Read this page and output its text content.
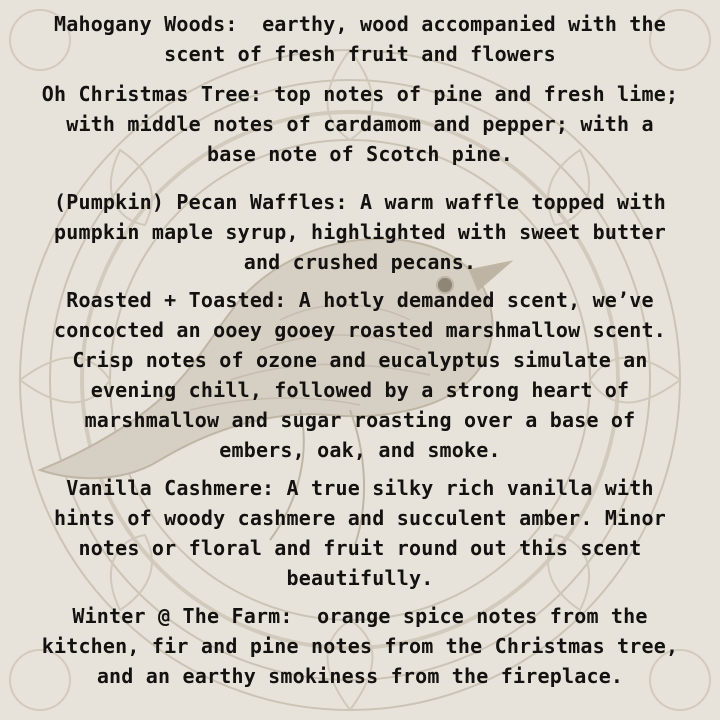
Mahogany Woods:  earthy, wood accompanied with the
scent of fresh fruit and flowers

Oh Christmas Tree: top notes of pine and fresh lime;
with middle notes of cardamom and pepper; with a
base note of Scotch pine.

(Pumpkin) Pecan Waffles: A warm waffle topped with
pumpkin maple syrup, highlighted with sweet butter
and crushed pecans.

Roasted + Toasted: A hotly demanded scent, we’ve
concocted an ooey gooey roasted marshmallow scent.
Crisp notes of ozone and eucalyptus simulate an
evening chill, followed by a strong heart of
marshmallow and sugar roasting over a base of
embers, oak, and smoke.

Vanilla Cashmere: A true silky rich vanilla with
hints of woody cashmere and succulent amber. Minor
notes or floral and fruit round out this scent
beautifully.

Winter @ The Farm:  orange spice notes from the
kitchen, fir and pine notes from the Christmas tree,
and an earthy smokiness from the fireplace.
